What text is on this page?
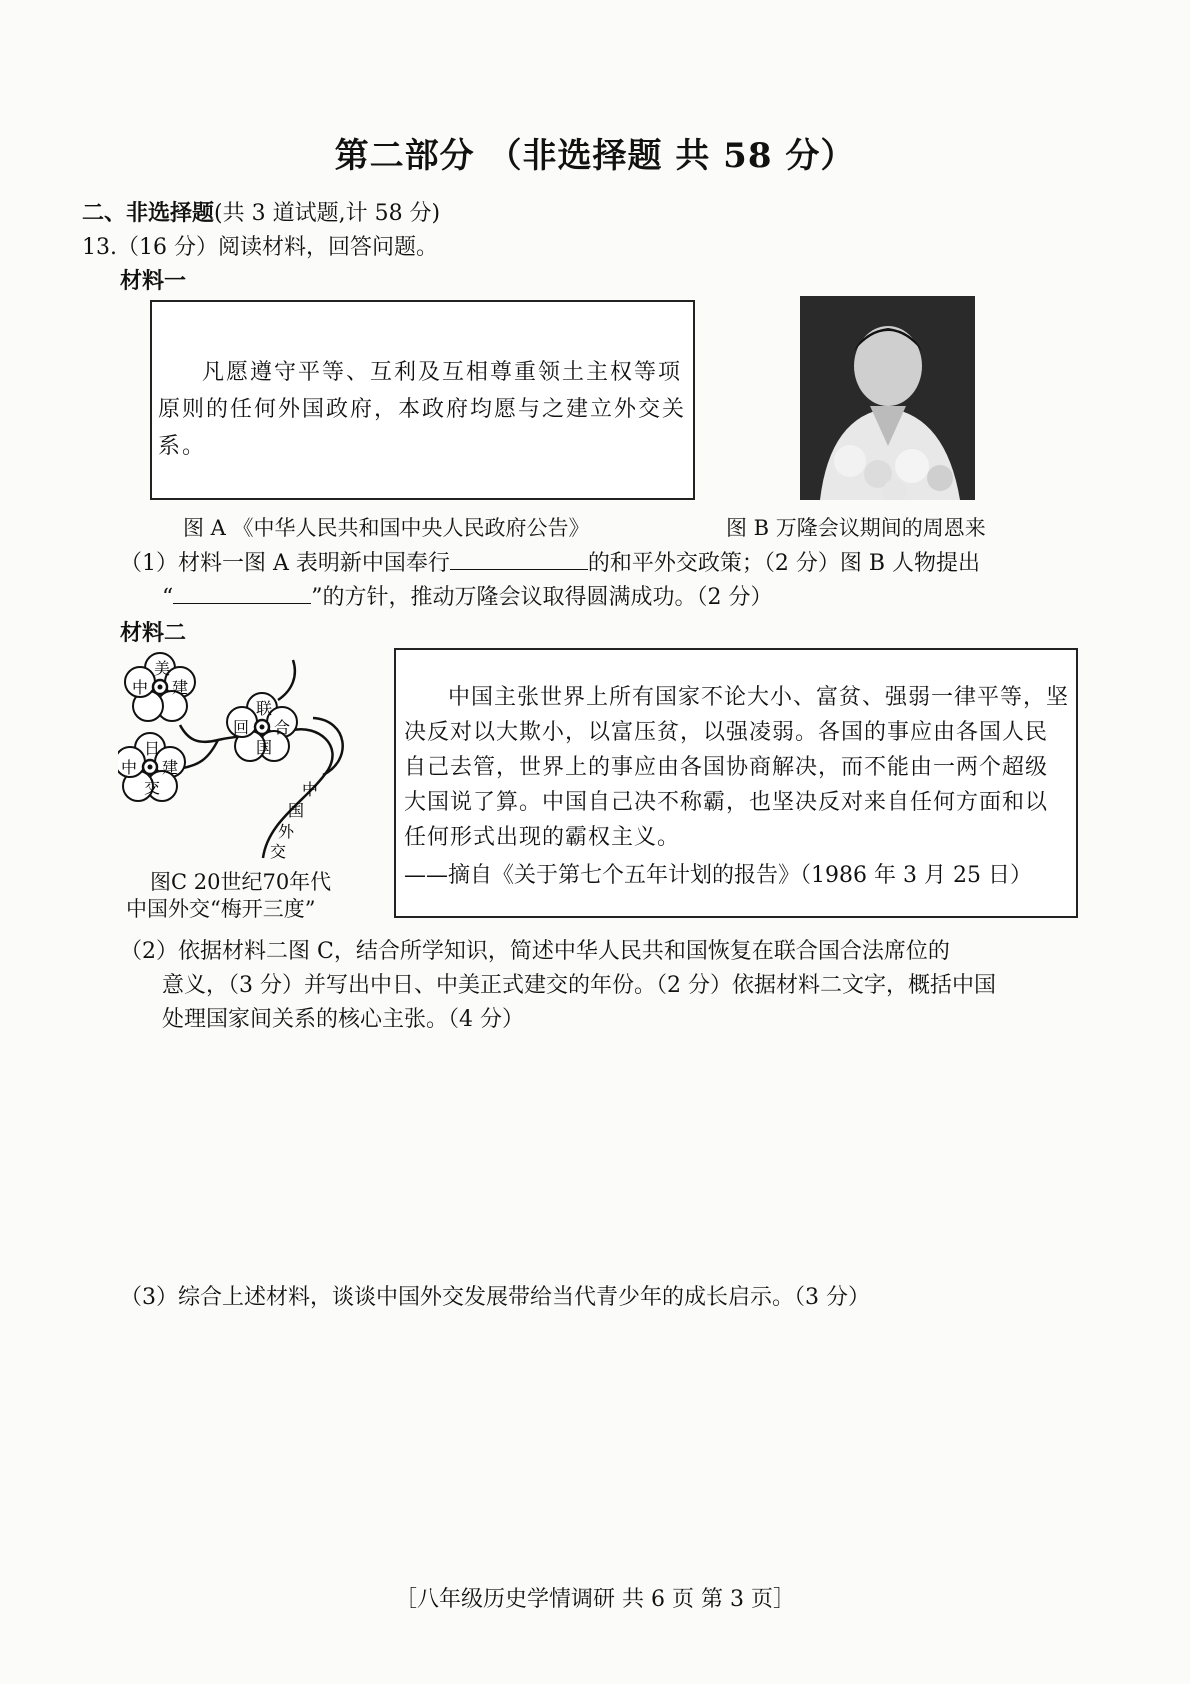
第二部分 （非选择题 共 58 分）
二、非选择题(共 3 道试题,计 58 分)
13.（16 分）阅读材料，回答问题。
材料一
凡愿遵守平等、互利及互相尊重领土主权等项原则的任何外国政府，本政府均愿与之建立外交关系。
图 A 《中华人民共和国中央人民政府公告》	图 B 万隆会议期间的周恩来
（1）材料一图 A 表明新中国奉行	的和平外交政策；（2 分）图 B 人物提出
“	”的方针，推动万隆会议取得圆满成功。（2 分）
材料二
美
中 建
日
中 建
交
联
回 合
国
中
国
外
交
图C 20世纪70年代
中国外交“梅开三度”
中国主张世界上所有国家不论大小、富贫、强弱一律平等，坚决反对以大欺小，以富压贫，以强凌弱。各国的事应由各国人民自己去管，世界上的事应由各国协商解决，而不能由一两个超级大国说了算。中国自己决不称霸，也坚决反对来自任何方面和以任何形式出现的霸权主义。
——摘自《关于第七个五年计划的报告》（1986 年 3 月 25 日）
（2）依据材料二图 C，结合所学知识，简述中华人民共和国恢复在联合国合法席位的
意义，（3 分）并写出中日、中美正式建交的年份。（2 分）依据材料二文字，概括中国
处理国家间关系的核心主张。（4 分）
（3）综合上述材料，谈谈中国外交发展带给当代青少年的成长启示。（3 分）
［八年级历史学情调研 共 6 页 第 3 页］
